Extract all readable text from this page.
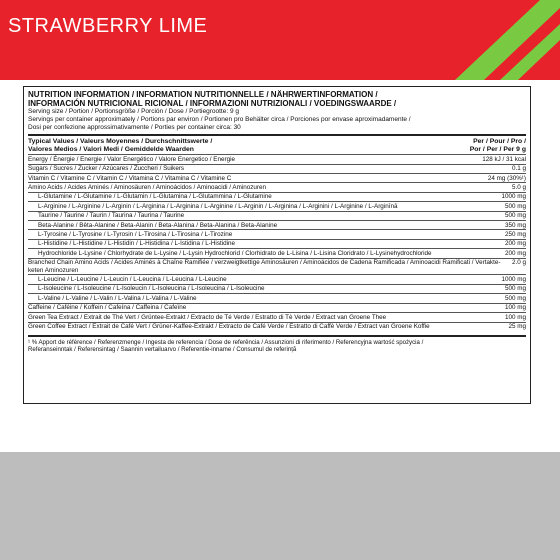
STRAWBERRY LIME
NUTRITION INFORMATION / INFORMATION NUTRITIONNELLE / NÄHRWERTINFORMATION /
INFORMACIÓN NUTRICIONAL RICIONAL / INFORMAZIONI NUTRIZIONALI / VOEDINGSWAARDE /
Serving size / Portion / Portionsgröße / Porción / Dose / Portiegrootte: 9 g
Servings per container approximately / Portions par environ / Portionen pro Behälter circa / Porciones por envase aproximadamente /
Dosi per confezione approssimativamente / Porties per container circa: 30
Typical Values / Valeurs Moyennes / Durchschnittswerte /
Valores Medios / Valori Medi / Gemiddelde Waarden
Per / Pour / Pro /
Por / Per / Per 9 g
Energy / Énergie / Energie / Valor Energético / Valore Energetico / Energie	128 kJ / 31 kcal
Sugars / Sucres / Zucker / Azúcares / Zuccheri / Suikers	0.1 g
Vitamin C / Vitamine C / Vitamin C / Vitamina C / Vitamina C / Vitamine C	24 mg (30%¹)
Amino Acids / Acides Aminés / Aminosäuren / Aminoácidos / Aminoacidi / Aminozuren	5.0 g
L-Glutamine / L-Glutamine / L-Glutamin / L-Glutamina / L-Glutammina / L-Glutamine	1000 mg
L-Arginine / L-Arginine / L-Arginin / L-Arginina / L-Arginina / L-Arginine / L-Arginin / L-Arginina / L-Arginini / L-Arginine / L-Arginīnā	500 mg
Taurine / Taurine / Taurin / Taurina / Taurina / Taurine	500 mg
Beta-Alanine / Bêta-Alanine / Beta-Alanin / Beta-Alanina / Beta-Alanina / Beta-Alanine	350 mg
L-Tyrosine / L-Tyrosine / L-Tyrosin / L-Tirosina / L-Tirosina / L-Tirozine	250 mg
L-Histidine / L-Histidine / L-Histidin / L-Histidina / L-Istidina / L-Histidine	200 mg
Hydrochloride L-Lysine / Chlorhydrate de L-Lysine / L-Lysin Hydrochlorid / Clorhidrato de L-Lisina / L-Lisina Cloridrato / L-Lysinehydrochloride	200 mg
Branched Chain Amino Acids / Acides Aminés à Chaîne Ramifiée / verzweigtkettige Aminosäuren / Aminoácidos de Cadena Ramificada / Aminoacidi Ramificati / Vertakte-keten Aminozuren
2.0 g
L-Leucine / L-Leucine / L-Leucin / L-Leucina / L-Leucina / L-Leucine	1000 mg
L-Isoleucine / L-Isoleucine / L-Isoleucin / L-Isoleucina / L-Isoleucina / L-Isoleucine	500 mg
L-Valine / L-Valine / L-Valin / L-Valina / L-Valina / L-Valine	500 mg
Caffeine / Caféine / Koffein / Cafeína / Caffeina / Cafeïne	100 mg
Green Tea Extract / Extrait de Thé Vert / Grüntee-Extrakt / Extracto de Té Verde / Estratto di Tè Verde / Extract van Groene Thee	100 mg
Green Coffee Extract / Extrait de Café Vert / Grüner-Kaffee-Extrakt / Extracto de Café Verde / Estratto di Caffè Verde / Extract van Groene Koffie	25 mg
¹ % Apport de référence / Referenzmenge / Ingesta de referencia / Dose de referência / Assunzioni di riferimento / Referencyjna wartość spożycia /
Referanseinntak / Referensintag / Saannin vertailuarvo / Referentie-inname / Consumul de referință
